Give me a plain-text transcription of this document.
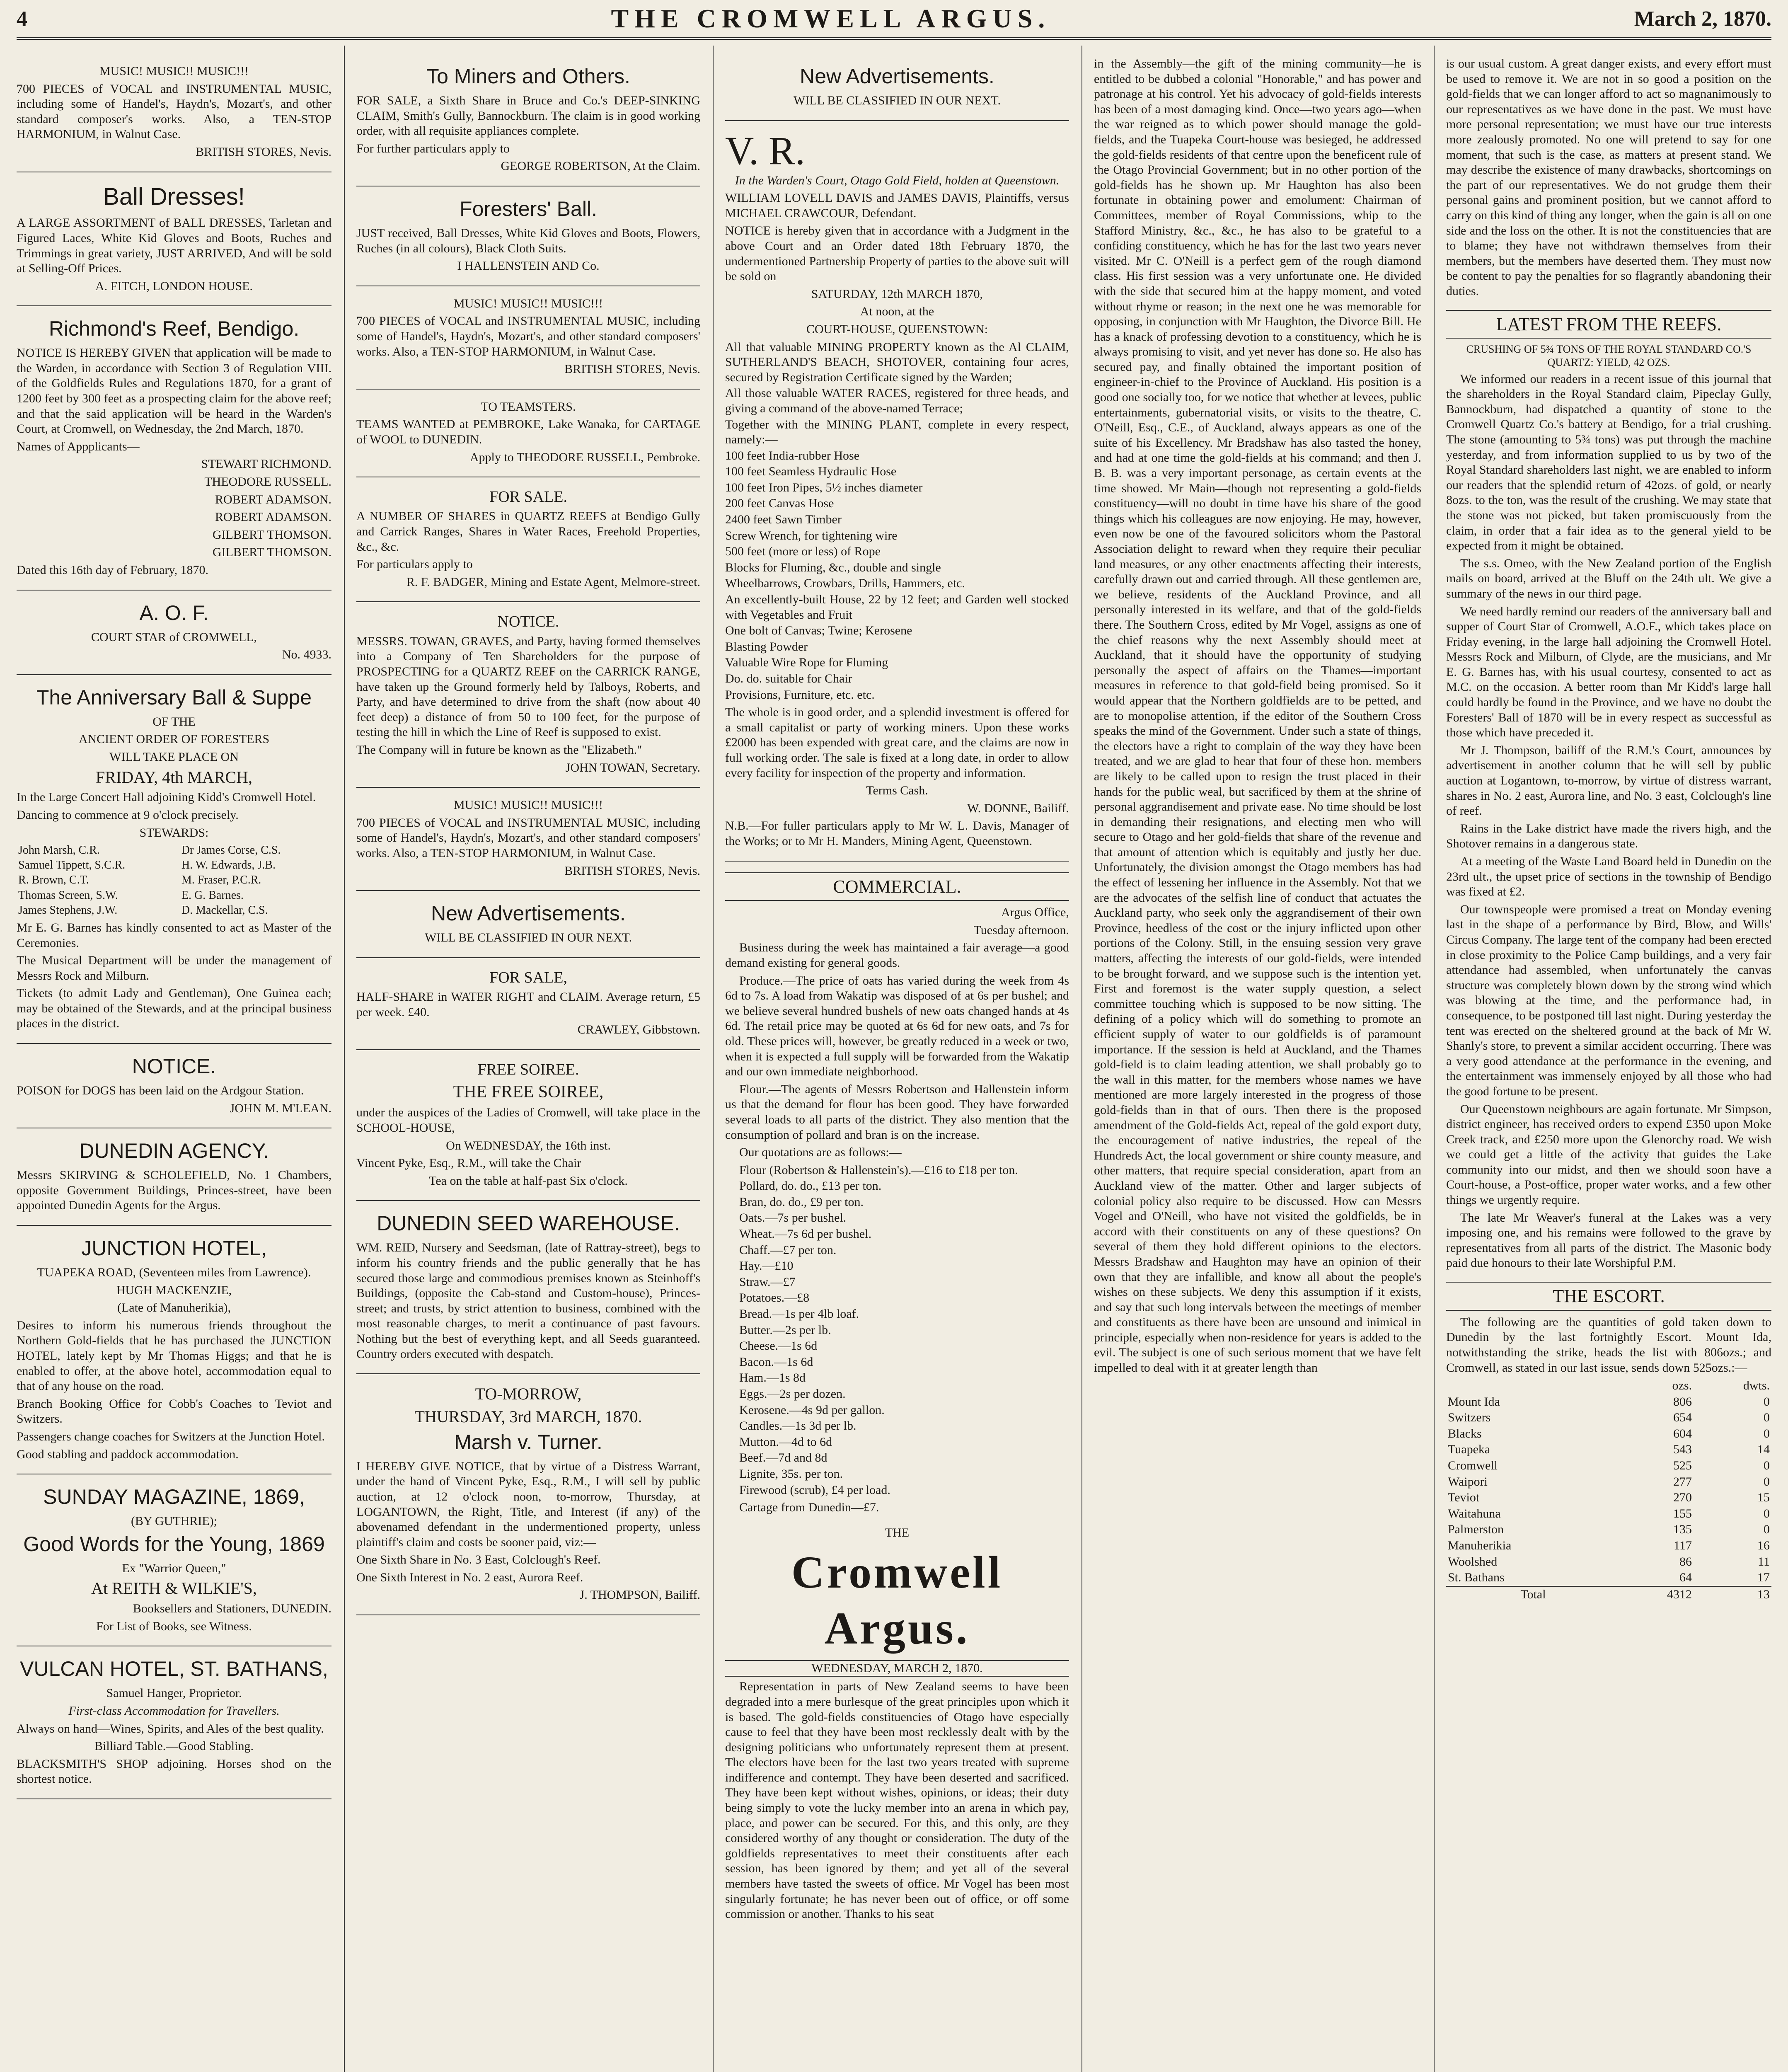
4	THE CROMWELL ARGUS.	March 2, 1870.

MUSIC! MUSIC!! MUSIC!!!

700 PIECES of VOCAL and INSTRUMENTAL MUSIC, including some of Handel's, Haydn's, Mozart's, and other standard composer's works. Also, a TEN-STOP HARMONIUM, in Walnut Case.

BRITISH STORES, Nevis.

Ball Dresses!

A LARGE ASSORTMENT of BALL DRESSES, Tarletan and Figured Laces, White Kid Gloves and Boots, Ruches and Trimmings in great variety, JUST ARRIVED, And will be sold at Selling-Off Prices.

A. FITCH, LONDON HOUSE.

Richmond's Reef, Bendigo.

NOTICE IS HEREBY GIVEN that application will be made to the Warden, in accordance with Section 3 of Regulation VIII. of the Goldfields Rules and Regulations 1870, for a grant of 1200 feet by 300 feet as a prospecting claim for the above reef; and that the said application will be heard in the Warden's Court, at Cromwell, on Wednesday, the 2nd March, 1870.

Names of Appplicants—

STEWART RICHMOND.

THEODORE RUSSELL.

ROBERT ADAMSON.

ROBERT ADAMSON.

GILBERT THOMSON.

GILBERT THOMSON.

Dated this 16th day of February, 1870.

A. O. F.

COURT STAR of CROMWELL,

No. 4933.

The Anniversary Ball & Suppe

OF THE

ANCIENT ORDER OF FORESTERS

WILL TAKE PLACE ON

FRIDAY, 4th MARCH,

In the Large Concert Hall adjoining Kidd's Cromwell Hotel.

Dancing to commence at 9 o'clock precisely.

STEWARDS:

John Marsh, C.R.	Dr James Corse, C.S.
Samuel Tippett, S.C.R.	H. W. Edwards, J.B.
R. Brown, C.T.	M. Fraser, P.C.R.
Thomas Screen, S.W.	E. G. Barnes.
James Stephens, J.W.	D. Mackellar, C.S.

Mr E. G. Barnes has kindly consented to act as Master of the Ceremonies.

The Musical Department will be under the management of Messrs Rock and Milburn.

Tickets (to admit Lady and Gentleman), One Guinea each; may be obtained of the Stewards, and at the principal business places in the district.

NOTICE.

POISON for DOGS has been laid on the Ardgour Station.

JOHN M. M'LEAN.

DUNEDIN AGENCY.

Messrs SKIRVING & SCHOLEFIELD, No. 1 Chambers, opposite Government Buildings, Princes-street, have been appointed Dunedin Agents for the Argus.

JUNCTION HOTEL,

TUAPEKA ROAD, (Seventeen miles from Lawrence).

HUGH MACKENZIE,

(Late of Manuherikia),

Desires to inform his numerous friends throughout the Northern Gold-fields that he has purchased the JUNCTION HOTEL, lately kept by Mr Thomas Higgs; and that he is enabled to offer, at the above hotel, accommodation equal to that of any house on the road.

Branch Booking Office for Cobb's Coaches to Teviot and Switzers.

Passengers change coaches for Switzers at the Junction Hotel.

Good stabling and paddock accommodation.

SUNDAY MAGAZINE, 1869,

(BY GUTHRIE);

Good Words for the Young, 1869

Ex "Warrior Queen,"

At REITH & WILKIE'S,

Booksellers and Stationers, DUNEDIN.

For List of Books, see Witness.

VULCAN HOTEL, ST. BATHANS,

Samuel Hanger, Proprietor.

First-class Accommodation for Travellers.

Always on hand—Wines, Spirits, and Ales of the best quality.

Billiard Table.—Good Stabling.

BLACKSMITH'S SHOP adjoining. Horses shod on the shortest notice.

To Miners and Others.

FOR SALE, a Sixth Share in Bruce and Co.'s DEEP-SINKING CLAIM, Smith's Gully, Bannockburn. The claim is in good working order, with all requisite appliances complete.

For further particulars apply to

GEORGE ROBERTSON, At the Claim.

Foresters' Ball.

JUST received, Ball Dresses, White Kid Gloves and Boots, Flowers, Ruches (in all colours), Black Cloth Suits.

I HALLENSTEIN AND Co.

MUSIC! MUSIC!! MUSIC!!!

700 PIECES of VOCAL and INSTRUMENTAL MUSIC, including some of Handel's, Haydn's, Mozart's, and other standard composers' works. Also, a TEN-STOP HARMONIUM, in Walnut Case.

BRITISH STORES, Nevis.

TO TEAMSTERS.

TEAMS WANTED at PEMBROKE, Lake Wanaka, for CARTAGE of WOOL to DUNEDIN.

Apply to THEODORE RUSSELL, Pembroke.

FOR SALE.

A NUMBER OF SHARES in QUARTZ REEFS at Bendigo Gully and Carrick Ranges, Shares in Water Races, Freehold Properties, &c., &c.

For particulars apply to

R. F. BADGER, Mining and Estate Agent, Melmore-street.

NOTICE.

MESSRS. TOWAN, GRAVES, and Party, having formed themselves into a Company of Ten Shareholders for the purpose of PROSPECTING for a QUARTZ REEF on the CARRICK RANGE, have taken up the Ground formerly held by Talboys, Roberts, and Party, and have determined to drive from the shaft (now about 40 feet deep) a distance of from 50 to 100 feet, for the purpose of testing the hill in which the Line of Reef is supposed to exist.

The Company will in future be known as the "Elizabeth."

JOHN TOWAN, Secretary.

MUSIC! MUSIC!! MUSIC!!!

700 PIECES of VOCAL and INSTRUMENTAL MUSIC, including some of Handel's, Haydn's, Mozart's, and other standard composers' works. Also, a TEN-STOP HARMONIUM, in Walnut Case.

BRITISH STORES, Nevis.

New Advertisements.

WILL BE CLASSIFIED IN OUR NEXT.

FOR SALE,

HALF-SHARE in WATER RIGHT and CLAIM. Average return, £5 per week. £40.

CRAWLEY, Gibbstown.

FREE SOIREE.

THE FREE SOIREE,

under the auspices of the Ladies of Cromwell, will take place in the SCHOOL-HOUSE,

On WEDNESDAY, the 16th inst.

Vincent Pyke, Esq., R.M., will take the Chair

Tea on the table at half-past Six o'clock.

DUNEDIN SEED WAREHOUSE.

WM. REID, Nursery and Seedsman, (late of Rattray-street), begs to inform his country friends and the public generally that he has secured those large and commodious premises known as Steinhoff's Buildings, (opposite the Cab-stand and Custom-house), Princes-street; and trusts, by strict attention to business, combined with the most reasonable charges, to merit a continuance of past favours. Nothing but the best of everything kept, and all Seeds guaranteed. Country orders executed with despatch.

TO-MORROW,

THURSDAY, 3rd MARCH, 1870.

Marsh v. Turner.

I HEREBY GIVE NOTICE, that by virtue of a Distress Warrant, under the hand of Vincent Pyke, Esq., R.M., I will sell by public auction, at 12 o'clock noon, to-morrow, Thursday, at LOGANTOWN, the Right, Title, and Interest (if any) of the abovenamed defendant in the undermentioned property, unless plaintiff's claim and costs be sooner paid, viz:—

One Sixth Share in No. 3 East, Colclough's Reef.

One Sixth Interest in No. 2 east, Aurora Reef.

J. THOMPSON, Bailiff.

New Advertisements.

WILL BE CLASSIFIED IN OUR NEXT.

V. R.

In the Warden's Court, Otago Gold Field, holden at Queenstown.

WILLIAM LOVELL DAVIS and JAMES DAVIS, Plaintiffs, versus MICHAEL CRAWCOUR, Defendant.

NOTICE is hereby given that in accordance with a Judgment in the above Court and an Order dated 18th February 1870, the undermentioned Partnership Property of parties to the above suit will be sold on

SATURDAY, 12th MARCH 1870,

At noon, at the

COURT-HOUSE, QUEENSTOWN:

All that valuable MINING PROPERTY known as the Al CLAIM, SUTHERLAND'S BEACH, SHOTOVER, containing four acres, secured by Registration Certificate signed by the Warden;

All those valuable WATER RACES, registered for three heads, and giving a command of the above-named Terrace;

Together with the MINING PLANT, complete in every respect, namely:—

100 feet India-rubber Hose

100 feet Seamless Hydraulic Hose

100 feet Iron Pipes, 5½ inches diameter

200 feet Canvas Hose

2400 feet Sawn Timber

Screw Wrench, for tightening wire

500 feet (more or less) of Rope

Blocks for Fluming, &c., double and single

Wheelbarrows, Crowbars, Drills, Hammers, etc.

An excellently-built House, 22 by 12 feet; and Garden well stocked with Vegetables and Fruit

One bolt of Canvas; Twine; Kerosene

Blasting Powder

Valuable Wire Rope for Fluming

Do. do. suitable for Chair

Provisions, Furniture, etc. etc.

The whole is in good order, and a splendid investment is offered for a small capitalist or party of working miners. Upon these works £2000 has been expended with great care, and the claims are now in full working order. The sale is fixed at a long date, in order to allow every facility for inspection of the property and information.

Terms Cash.

W. DONNE, Bailiff.

N.B.—For fuller particulars apply to Mr W. L. Davis, Manager of the Works; or to Mr H. Manders, Mining Agent, Queenstown.

COMMERCIAL.

Argus Office,

Tuesday afternoon.

Business during the week has maintained a fair average—a good demand existing for general goods.

Produce.—The price of oats has varied during the week from 4s 6d to 7s. A load from Wakatip was disposed of at 6s per bushel; and we believe several hundred bushels of new oats changed hands at 4s 6d. The retail price may be quoted at 6s 6d for new oats, and 7s for old. These prices will, however, be greatly reduced in a week or two, when it is expected a full supply will be forwarded from the Wakatip and our own immediate neighborhood.

Flour.—The agents of Messrs Robertson and Hallenstein inform us that the demand for flour has been good. They have forwarded several loads to all parts of the district. They also mention that the consumption of pollard and bran is on the increase.

Our quotations are as follows:—

Flour (Robertson & Hallenstein's).—£16 to £18 per ton.

Pollard, do. do., £13 per ton.

Bran, do. do., £9 per ton.

Oats.—7s per bushel.

Wheat.—7s 6d per bushel.

Chaff.—£7 per ton.

Hay.—£10

Straw.—£7

Potatoes.—£8

Bread.—1s per 4lb loaf.

Butter.—2s per lb.

Cheese.—1s 6d

Bacon.—1s 6d

Ham.—1s 8d

Eggs.—2s per dozen.

Kerosene.—4s 9d per gallon.

Candles.—1s 3d per lb.

Mutton.—4d to 6d

Beef.—7d and 8d

Lignite, 35s. per ton.

Firewood (scrub), £4 per load.

Cartage from Dunedin—£7.

THE

Cromwell Argus.

WEDNESDAY, MARCH 2, 1870.

Representation in parts of New Zealand seems to have been degraded into a mere burlesque of the great principles upon which it is based. The gold-fields constituencies of Otago have especially cause to feel that they have been most recklessly dealt with by the designing politicians who unfortunately represent them at present. The electors have been for the last two years treated with supreme indifference and contempt. They have been deserted and sacrificed. They have been kept without wishes, opinions, or ideas; their duty being simply to vote the lucky member into an arena in which pay, place, and power can be secured. For this, and this only, are they considered worthy of any thought or consideration. The duty of the goldfields representatives to meet their constituents after each session, has been ignored by them; and yet all of the several members have tasted the sweets of office. Mr Vogel has been most singularly fortunate; he has never been out of office, or off some commission or another. Thanks to his seat

in the Assembly—the gift of the mining community—he is entitled to be dubbed a colonial "Honorable," and has power and patronage at his control. Yet his advocacy of gold-fields interests has been of a most damaging kind. Once—two years ago—when the war reigned as to which power should manage the gold-fields, and the Tuapeka Court-house was besieged, he addressed the gold-fields residents of that centre upon the beneficent rule of the Otago Provincial Government; but in no other portion of the gold-fields has he shown up. Mr Haughton has also been fortunate in obtaining power and emolument: Chairman of Committees, member of Royal Commissions, whip to the Stafford Ministry, &c., &c., he has also to be grateful to a confiding constituency, which he has for the last two years never visited. Mr C. O'Neill is a perfect gem of the rough diamond class. His first session was a very unfortunate one. He divided with the side that secured him at the happy moment, and voted without rhyme or reason; in the next one he was memorable for opposing, in conjunction with Mr Haughton, the Divorce Bill. He has a knack of professing devotion to a constituency, which he is always promising to visit, and yet never has done so. He also has secured pay, and finally obtained the important position of engineer-in-chief to the Province of Auckland. His position is a good one socially too, for we notice that whether at levees, public entertainments, gubernatorial visits, or visits to the theatre, C. O'Neill, Esq., C.E., of Auckland, always appears as one of the suite of his Excellency. Mr Bradshaw has also tasted the honey, and had at one time the gold-fields at his command; and then J. B. B. was a very important personage, as certain events at the time showed. Mr Main—though not representing a gold-fields constituency—will no doubt in time have his share of the good things which his colleagues are now enjoying. He may, however, even now be one of the favoured solicitors whom the Pastoral Association delight to reward when they require their peculiar land measures, or any other enactments affecting their interests, carefully drawn out and carried through. All these gentlemen are, we believe, residents of the Auckland Province, and all personally interested in its welfare, and that of the gold-fields there. The Southern Cross, edited by Mr Vogel, assigns as one of the chief reasons why the next Assembly should meet at Auckland, that it should have the opportunity of studying personally the aspect of affairs on the Thames—important measures in reference to that gold-field being promised. So it would appear that the Northern goldfields are to be petted, and are to monopolise attention, if the editor of the Southern Cross speaks the mind of the Government. Under such a state of things, the electors have a right to complain of the way they have been treated, and we are glad to hear that four of these hon. members are likely to be called upon to resign the trust placed in their hands for the public weal, but sacrificed by them at the shrine of personal aggrandisement and private ease. No time should be lost in demanding their resignations, and electing men who will secure to Otago and her gold-fields that share of the revenue and that amount of attention which is equitably and justly her due. Unfortunately, the division amongst the Otago members has had the effect of lessening her influence in the Assembly. Not that we are the advocates of the selfish line of conduct that actuates the Auckland party, who seek only the aggrandisement of their own Province, heedless of the cost or the injury inflicted upon other portions of the Colony. Still, in the ensuing session very grave matters, affecting the interests of our gold-fields, were intended to be brought forward, and we suppose such is the intention yet. First and foremost is the water supply question, a select committee touching which is supposed to be now sitting. The defining of a policy which will do something to promote an efficient supply of water to our goldfields is of paramount importance. If the session is held at Auckland, and the Thames gold-field is to claim leading attention, we shall probably go to the wall in this matter, for the members whose names we have mentioned are more largely interested in the progress of those gold-fields than in that of ours. Then there is the proposed amendment of the Gold-fields Act, repeal of the gold export duty, the encouragement of native industries, the repeal of the Hundreds Act, the local government or shire county measure, and other matters, that require special consideration, apart from an Auckland view of the matter. Other and larger subjects of colonial policy also require to be discussed. How can Messrs Vogel and O'Neill, who have not visited the goldfields, be in accord with their constituents on any of these questions? On several of them they hold different opinions to the electors. Messrs Bradshaw and Haughton may have an opinion of their own that they are infallible, and know all about the people's wishes on these subjects. We deny this assumption if it exists, and say that such long intervals between the meetings of member and constituents as there have been are unsound and inimical in principle, especially when non-residence for years is added to the evil. The subject is one of such serious moment that we have felt impelled to deal with it at greater length than

is our usual custom. A great danger exists, and every effort must be used to remove it. We are not in so good a position on the gold-fields that we can longer afford to act so magnanimously to our representatives as we have done in the past. We must have more personal representation; we must have our true interests more zealously promoted. No one will pretend to say for one moment, that such is the case, as matters at present stand. We may describe the existence of many drawbacks, shortcomings on the part of our representatives. We do not grudge them their personal gains and prominent position, but we cannot afford to carry on this kind of thing any longer, when the gain is all on one side and the loss on the other. It is not the constituencies that are to blame; they have not withdrawn themselves from their members, but the members have deserted them. They must now be content to pay the penalties for so flagrantly abandoning their duties.

LATEST FROM THE REEFS.

CRUSHING OF 5¾ TONS OF THE ROYAL STANDARD CO.'S QUARTZ: YIELD, 42 OZS.

We informed our readers in a recent issue of this journal that the shareholders in the Royal Standard claim, Pipeclay Gully, Bannockburn, had dispatched a quantity of stone to the Cromwell Quartz Co.'s battery at Bendigo, for a trial crushing. The stone (amounting to 5¾ tons) was put through the machine yesterday, and from information supplied to us by two of the Royal Standard shareholders last night, we are enabled to inform our readers that the splendid return of 42ozs. of gold, or nearly 8ozs. to the ton, was the result of the crushing. We may state that the stone was not picked, but taken promiscuously from the claim, in order that a fair idea as to the general yield to be expected from it might be obtained.

The s.s. Omeo, with the New Zealand portion of the English mails on board, arrived at the Bluff on the 24th ult. We give a summary of the news in our third page.

We need hardly remind our readers of the anniversary ball and supper of Court Star of Cromwell, A.O.F., which takes place on Friday evening, in the large hall adjoining the Cromwell Hotel. Messrs Rock and Milburn, of Clyde, are the musicians, and Mr E. G. Barnes has, with his usual courtesy, consented to act as M.C. on the occasion. A better room than Mr Kidd's large hall could hardly be found in the Province, and we have no doubt the Foresters' Ball of 1870 will be in every respect as successful as those which have preceded it.

Mr J. Thompson, bailiff of the R.M.'s Court, announces by advertisement in another column that he will sell by public auction at Logantown, to-morrow, by virtue of distress warrant, shares in No. 2 east, Aurora line, and No. 3 east, Colclough's line of reef.

Rains in the Lake district have made the rivers high, and the Shotover remains in a dangerous state.

At a meeting of the Waste Land Board held in Dunedin on the 23rd ult., the upset price of sections in the township of Bendigo was fixed at £2.

Our townspeople were promised a treat on Monday evening last in the shape of a performance by Bird, Blow, and Wills' Circus Company. The large tent of the company had been erected in close proximity to the Police Camp buildings, and a very fair attendance had assembled, when unfortunately the canvas structure was completely blown down by the strong wind which was blowing at the time, and the performance had, in consequence, to be postponed till last night. During yesterday the tent was erected on the sheltered ground at the back of Mr W. Shanly's store, to prevent a similar accident occurring. There was a very good attendance at the performance in the evening, and the entertainment was immensely enjoyed by all those who had the good fortune to be present.

Our Queenstown neighbours are again fortunate. Mr Simpson, district engineer, has received orders to expend £350 upon Moke Creek track, and £250 more upon the Glenorchy road. We wish we could get a little of the activity that guides the Lake community into our midst, and then we should soon have a Court-house, a Post-office, proper water works, and a few other things we urgently require.

The late Mr Weaver's funeral at the Lakes was a very imposing one, and his remains were followed to the grave by representatives from all parts of the district. The Masonic body paid due honours to their late Worshipful P.M.

THE ESCORT.

The following are the quantities of gold taken down to Dunedin by the last fortnightly Escort. Mount Ida, notwithstanding the strike, heads the list with 806ozs.; and Cromwell, as stated in our last issue, sends down 525ozs.:—

	ozs.	dwts.
Mount Ida	806	0
Switzers	654	0
Blacks	604	0
Tuapeka	543	14
Cromwell	525	0
Waipori	277	0
Teviot	270	15
Waitahuna	155	0
Palmerston	135	0
Manuherikia	117	16
Woolshed	86	11
St. Bathans	64	17
Total	4312	13
